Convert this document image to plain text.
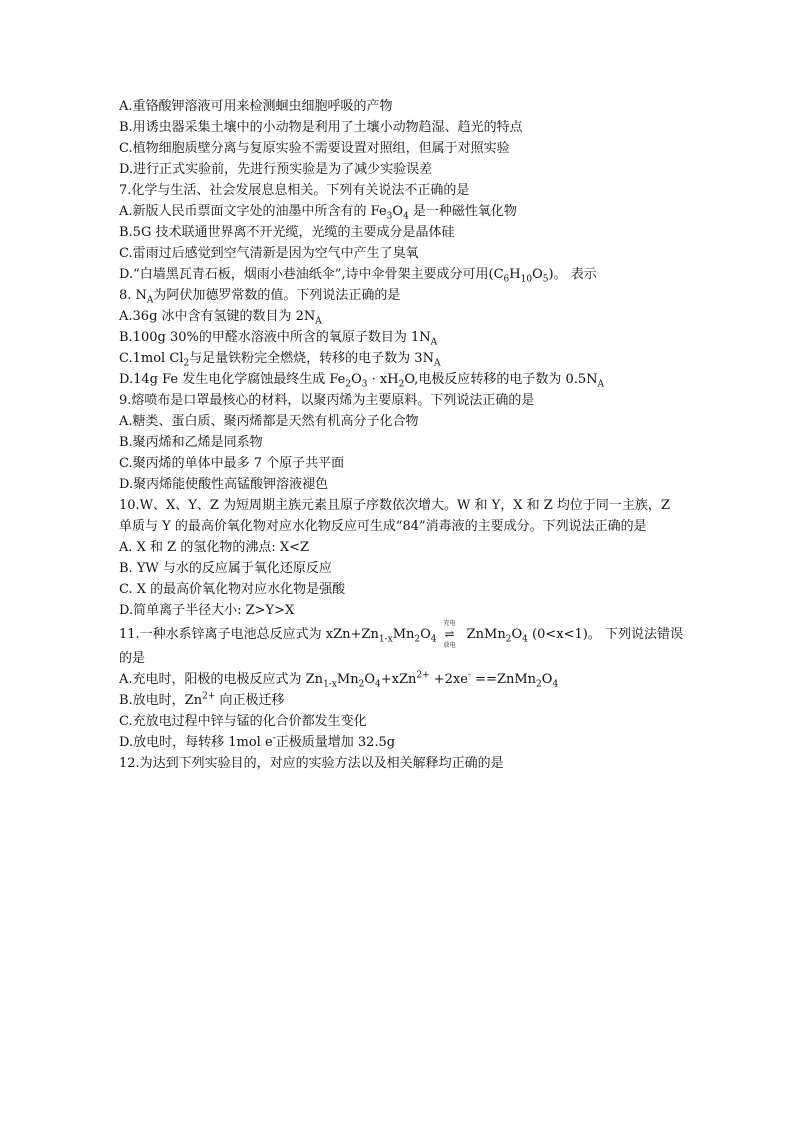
A.重铬酸钾溶液可用来检测蛔虫细胞呼吸的产物
B.用诱虫器采集土壤中的小动物是利用了土壤小动物趋湿、趋光的特点
C.植物细胞质壁分离与复原实验不需要设置对照组，但属于对照实验
D.进行正式实验前，先进行预实验是为了减少实验误差
7.化学与生活、社会发展息息相关。下列有关说法不正确的是
A.新版人民币票面文字处的油墨中所含有的 $Fe_3O_4$ 是一种磁性氧化物
B.5G 技术联通世界离不开光缆，光缆的主要成分是晶体硅
C.雷雨过后感觉到空气清新是因为空气中产生了臭氧
D.“白墙黑瓦青石板，烟雨小巷油纸伞”,诗中伞骨架主要成分可用$(C_6H_{10}O_5)$。 表示
8. $N_A$为阿伏加德罗常数的值。下列说法正确的是
A.36g 冰中含有氢键的数目为 $2N_A$
B.100g 30%的甲醛水溶液中所含的氧原子数目为 $1N_A$
C.1mol $Cl_2$与足量铁粉完全燃烧，转移的电子数为 $3N_A$
D.14g Fe 发生电化学腐蚀最终生成 $Fe_2O_3 \cdot xH_2O$,电极反应转移的电子数为 $0.5N_A$
9.熔喷布是口罩最核心的材料，以聚丙烯为主要原料。下列说法正确的是
A.糖类、蛋白质、聚丙烯都是天然有机高分子化合物
B.聚丙烯和乙烯是同系物
C.聚丙烯的单体中最多 7 个原子共平面
D.聚丙烯能使酸性高锰酸钾溶液褪色
10.W、X、Y、Z 为短周期主族元素且原子序数依次增大。W 和 Y，X 和 Z 均位于同一主族，Z 单质与 Y 的最高价氧化物对应水化物反应可生成“84”消毒液的主要成分。下列说法正确的是
A. X 和 Z 的氢化物的沸点: X<Z
B. YW 与水的反应属于氧化还原反应
C. X 的最高价氧化物对应水化物是强酸
D.简单离子半径大小: Z>Y>X
11.一种水系锌离子电池总反应式为 $xZn+Zn_{1-x}Mn_2O_4$
充电
⇌
放电
$ZnMn_2O_4$ (0<x<1)。 下列说法错误
的是
A.充电时，阳极的电极反应式为 $Zn_{1-x}Mn_2O_4+xZn^{2+} +2xe^-$ $==ZnMn_2O_4$
B.放电时，$Zn^{2+}$ 向正极迁移
C.充放电过程中锌与锰的化合价都发生变化
D.放电时，每转移 1mol e-正极质量增加 32.5g
12.为达到下列实验目的，对应的实验方法以及相关解释均正确的是
